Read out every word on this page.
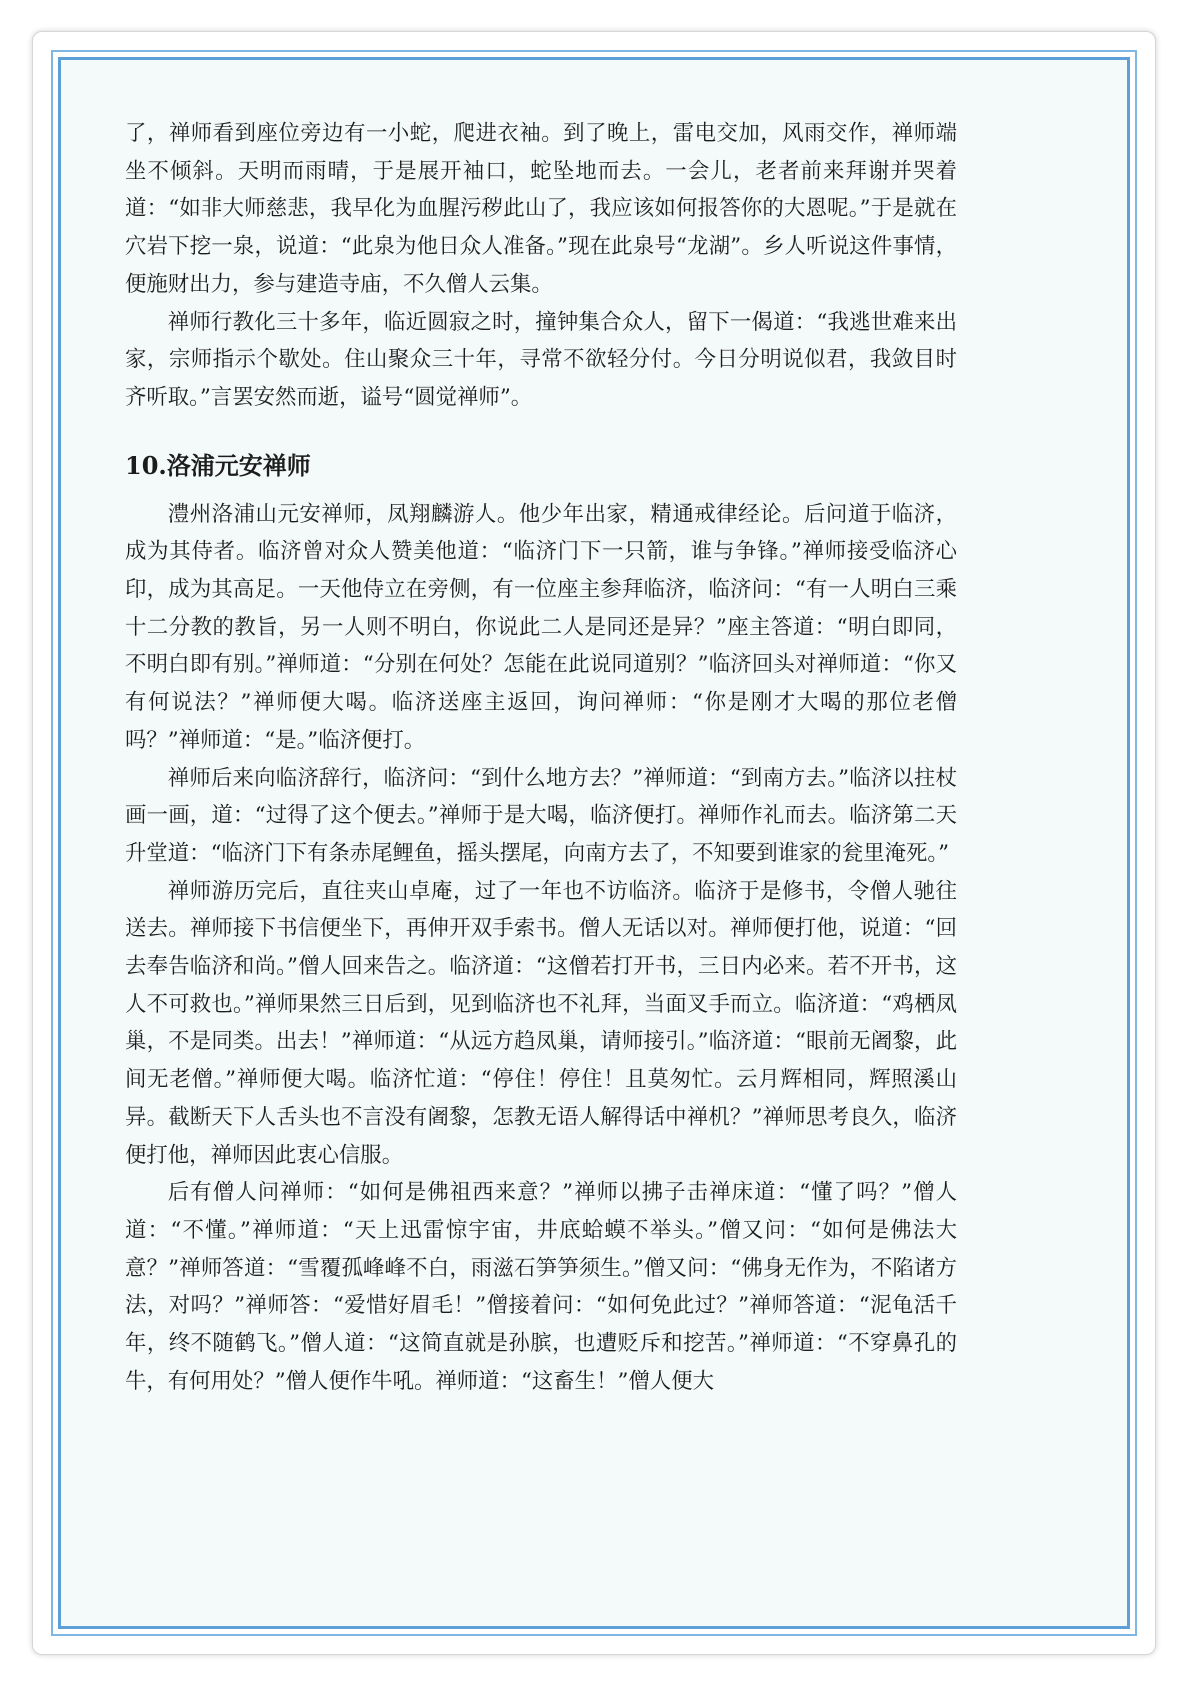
了，禅师看到座位旁边有一小蛇，爬进衣袖。到了晚上，雷电交加，风雨交作，禅师端坐不倾斜。天明而雨晴，于是展开袖口，蛇坠地而去。一会儿，老者前来拜谢并哭着道：“如非大师慈悲，我早化为血腥污秽此山了，我应该如何报答你的大恩呢。”于是就在穴岩下挖一泉，说道：“此泉为他日众人准备。”现在此泉号“龙湖”。乡人听说这件事情，便施财出力，参与建造寺庙，不久僧人云集。

禅师行教化三十多年，临近圆寂之时，撞钟集合众人，留下一偈道：“我逃世难来出家，宗师指示个歇处。住山聚众三十年，寻常不欲轻分付。今日分明说似君，我敛目时齐听取。”言罢安然而逝，谥号“圆觉禅师”。

10.洛浦元安禅师

澧州洛浦山元安禅师，凤翔麟游人。他少年出家，精通戒律经论。后问道于临济，成为其侍者。临济曾对众人赞美他道：“临济门下一只箭，谁与争锋。”禅师接受临济心印，成为其高足。一天他侍立在旁侧，有一位座主参拜临济，临济问：“有一人明白三乘十二分教的教旨，另一人则不明白，你说此二人是同还是异？”座主答道：“明白即同，不明白即有别。”禅师道：“分别在何处？怎能在此说同道别？”临济回头对禅师道：“你又有何说法？”禅师便大喝。临济送座主返回，询问禅师：“你是刚才大喝的那位老僧吗？”禅师道：“是。”临济便打。

禅师后来向临济辞行，临济问：“到什么地方去？”禅师道：“到南方去。”临济以拄杖画一画，道：“过得了这个便去。”禅师于是大喝，临济便打。禅师作礼而去。临济第二天升堂道：“临济门下有条赤尾鲤鱼，摇头摆尾，向南方去了，不知要到谁家的瓮里淹死。”

禅师游历完后，直往夹山卓庵，过了一年也不访临济。临济于是修书，令僧人驰往送去。禅师接下书信便坐下，再伸开双手索书。僧人无话以对。禅师便打他，说道：“回去奉告临济和尚。”僧人回来告之。临济道：“这僧若打开书，三日内必来。若不开书，这人不可救也。”禅师果然三日后到，见到临济也不礼拜，当面叉手而立。临济道：“鸡栖凤巢，不是同类。出去！”禅师道：“从远方趋凤巢，请师接引。”临济道：“眼前无阇黎，此间无老僧。”禅师便大喝。临济忙道：“停住！停住！且莫匆忙。云月辉相同，辉照溪山异。截断天下人舌头也不言没有阇黎，怎教无语人解得话中禅机？”禅师思考良久，临济便打他，禅师因此衷心信服。

后有僧人问禅师：“如何是佛祖西来意？”禅师以拂子击禅床道：“懂了吗？”僧人道：“不懂。”禅师道：“天上迅雷惊宇宙，井底蛤蟆不举头。”僧又问：“如何是佛法大意？”禅师答道：“雪覆孤峰峰不白，雨滋石笋笋须生。”僧又问：“佛身无作为，不陷诸方法，对吗？”禅师答：“爱惜好眉毛！”僧接着问：“如何免此过？”禅师答道：“泥龟活千年，终不随鹤飞。”僧人道：“这简直就是孙膑，也遭贬斥和挖苦。”禅师道：“不穿鼻孔的牛，有何用处？”僧人便作牛吼。禅师道：“这畜生！”僧人便大
